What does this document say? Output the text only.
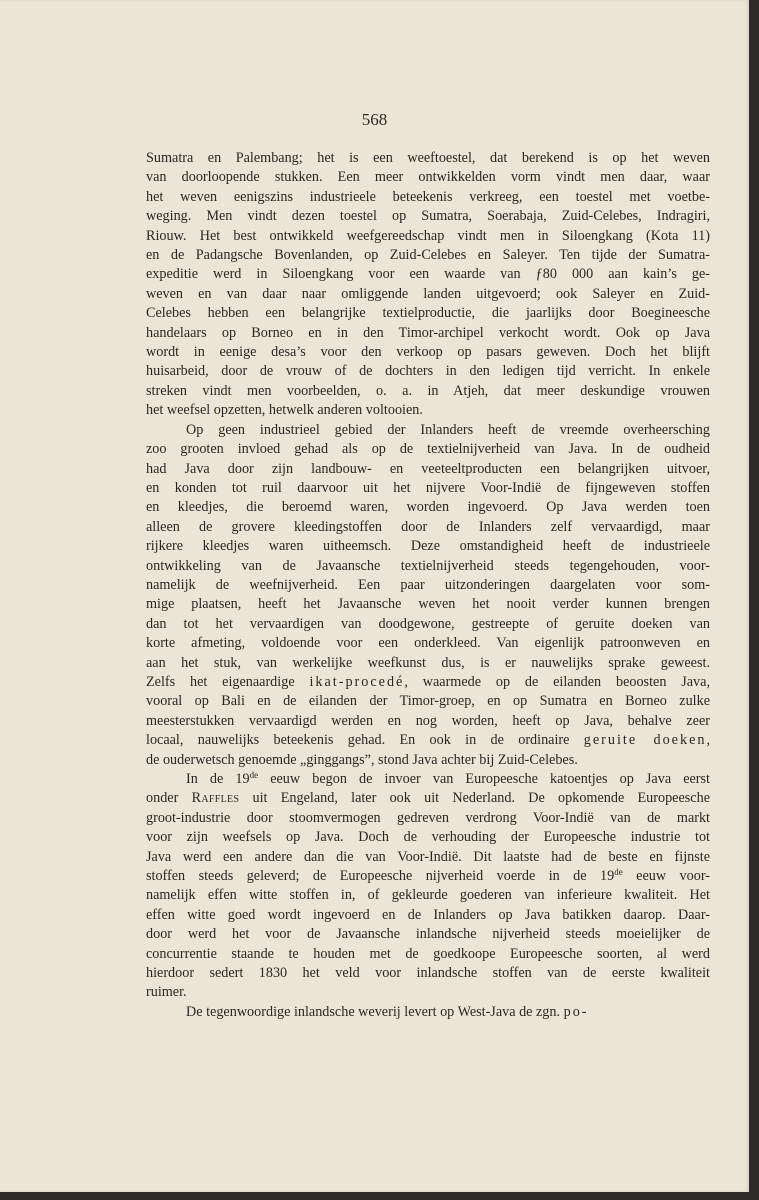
568
Sumatra en Palembang; het is een weeftoestel, dat berekend is op het weven
van doorloopende stukken. Een meer ontwikkelden vorm vindt men daar, waar
het weven eenigszins industrieele beteekenis verkreeg, een toestel met voetbe-
weging. Men vindt dezen toestel op Sumatra, Soerabaja, Zuid-Celebes, Indragiri,
Riouw. Het best ontwikkeld weefgereedschap vindt men in Siloengkang (Kota 11)
en de Padangsche Bovenlanden, op Zuid-Celebes en Saleyer. Ten tijde der Sumatra-
expeditie werd in Siloengkang voor een waarde van ƒ80 000 aan kain’s ge-
weven en van daar naar omliggende landen uitgevoerd; ook Saleyer en Zuid-
Celebes hebben een belangrijke textielproductie, die jaarlijks door Boegineesche
handelaars op Borneo en in den Timor-archipel verkocht wordt. Ook op Java
wordt in eenige desa’s voor den verkoop op pasars geweven. Doch het blijft
huisarbeid, door de vrouw of de dochters in den ledigen tijd verricht. In enkele
streken vindt men voorbeelden, o. a. in Atjeh, dat meer deskundige vrouwen
het weefsel opzetten, hetwelk anderen voltooien.
Op geen industrieel gebied der Inlanders heeft de vreemde overheersching
zoo grooten invloed gehad als op de textielnijverheid van Java. In de oudheid
had Java door zijn landbouw- en veeteeltproducten een belangrijken uitvoer,
en konden tot ruil daarvoor uit het nijvere Voor-Indië de fijngeweven stoffen
en kleedjes, die beroemd waren, worden ingevoerd. Op Java werden toen
alleen de grovere kleedingstoffen door de Inlanders zelf vervaardigd, maar
rijkere kleedjes waren uitheemsch. Deze omstandigheid heeft de industrieele
ontwikkeling van de Javaansche textielnijverheid steeds tegengehouden, voor-
namelijk de weefnijverheid. Een paar uitzonderingen daargelaten voor som-
mige plaatsen, heeft het Javaansche weven het nooit verder kunnen brengen
dan tot het vervaardigen van doodgewone, gestreepte of geruite doeken van
korte afmeting, voldoende voor een onderkleed. Van eigenlijk patroonweven en
aan het stuk, van werkelijke weefkunst dus, is er nauwelijks sprake geweest.
Zelfs het eigenaardige ikat-procedé, waarmede op de eilanden beoosten Java,
vooral op Bali en de eilanden der Timor-groep, en op Sumatra en Borneo zulke
meesterstukken vervaardigd werden en nog worden, heeft op Java, behalve zeer
locaal, nauwelijks beteekenis gehad. En ook in de ordinaire geruite doeken,
de ouderwetsch genoemde „ginggangs”, stond Java achter bij Zuid-Celebes.
In de 19de eeuw begon de invoer van Europeesche katoentjes op Java eerst
onder Raffles uit Engeland, later ook uit Nederland. De opkomende Europeesche
groot-industrie door stoomvermogen gedreven verdrong Voor-Indië van de markt
voor zijn weefsels op Java. Doch de verhouding der Europeesche industrie tot
Java werd een andere dan die van Voor-Indië. Dit laatste had de beste en fijnste
stoffen steeds geleverd; de Europeesche nijverheid voerde in de 19de eeuw voor-
namelijk effen witte stoffen in, of gekleurde goederen van inferieure kwaliteit. Het
effen witte goed wordt ingevoerd en de Inlanders op Java batikken daarop. Daar-
door werd het voor de Javaansche inlandsche nijverheid steeds moeielijker de
concurrentie staande te houden met de goedkoope Europeesche soorten, al werd
hierdoor sedert 1830 het veld voor inlandsche stoffen van de eerste kwaliteit
ruimer.
De tegenwoordige inlandsche weverij levert op West-Java de zgn. po-
